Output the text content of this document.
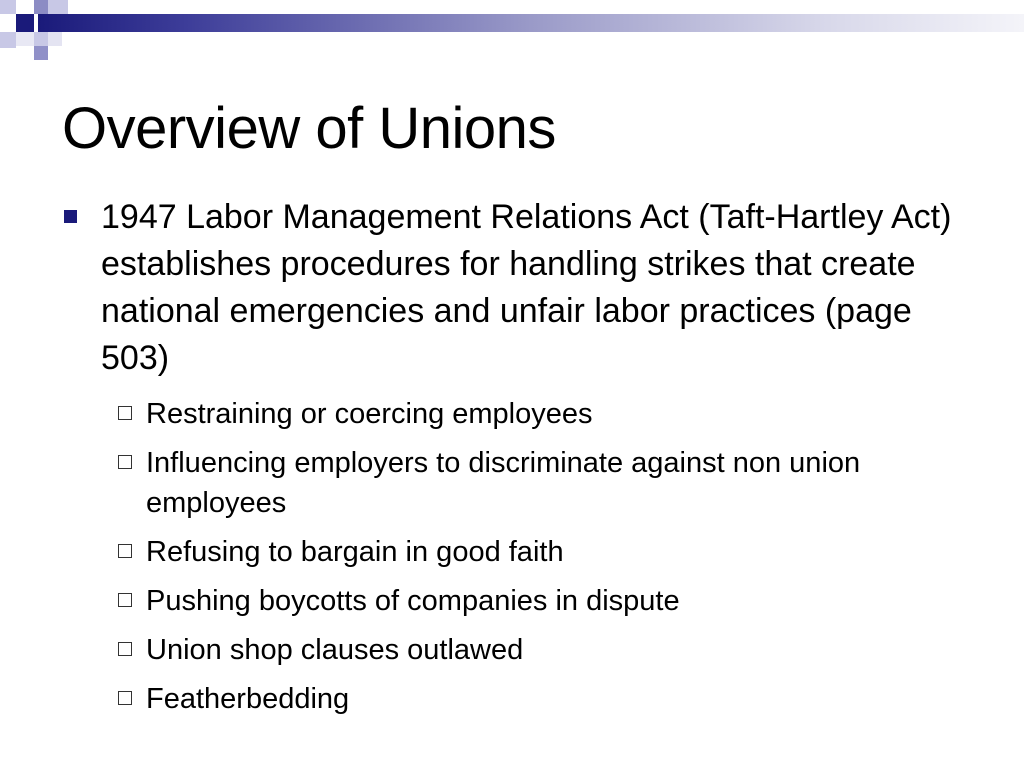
Overview of Unions
1947 Labor Management Relations Act (Taft-Hartley Act) establishes procedures for handling strikes that create national emergencies and unfair labor practices (page 503)
Restraining or coercing employees
Influencing employers to discriminate against non union employees
Refusing to bargain in good faith
Pushing boycotts of companies in dispute
Union shop clauses outlawed
Featherbedding
